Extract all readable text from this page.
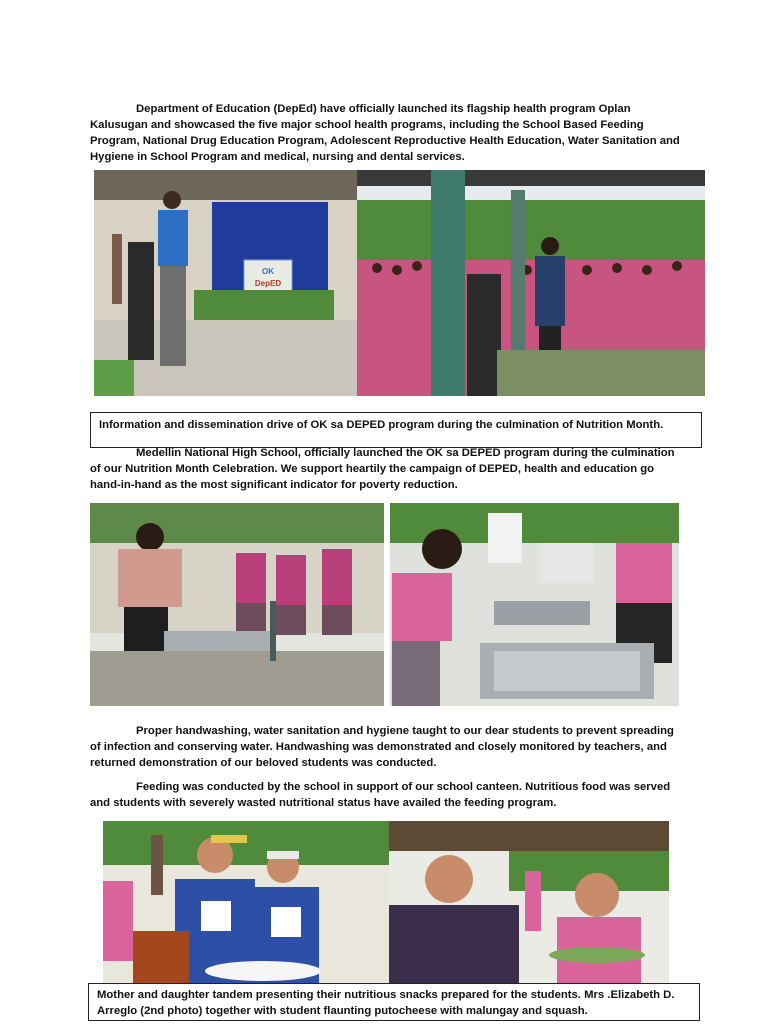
Department of Education (DepEd) have officially launched its flagship health program Oplan Kalusugan and showcased the five major school health programs, including the School Based Feeding Program, National Drug Education Program, Adolescent Reproductive Health Education, Water Sanitation and Hygiene in School Program and medical, nursing and dental services.

OK
DepED
Information and dissemination drive of OK sa DEPED program during the culmination of Nutrition Month.

Medellin National High School, officially launched the OK sa DEPED program during the culmination of our Nutrition Month Celebration. We support heartily the campaign of DEPED, health and education go hand-in-hand as the most significant indicator for poverty reduction.

Proper handwashing, water sanitation and hygiene taught to our dear students to prevent spreading of infection and conserving water. Handwashing was demonstrated and closely monitored by teachers, and returned demonstration of our beloved students was conducted.

Feeding was conducted by the school in support of our school canteen. Nutritious food was served and students with severely wasted nutritional status have availed the feeding program.

Mother and daughter tandem presenting their nutritious snacks prepared for the students. Mrs .Elizabeth D. Arreglo (2nd photo) together with student flaunting putocheese with malungay and squash.
